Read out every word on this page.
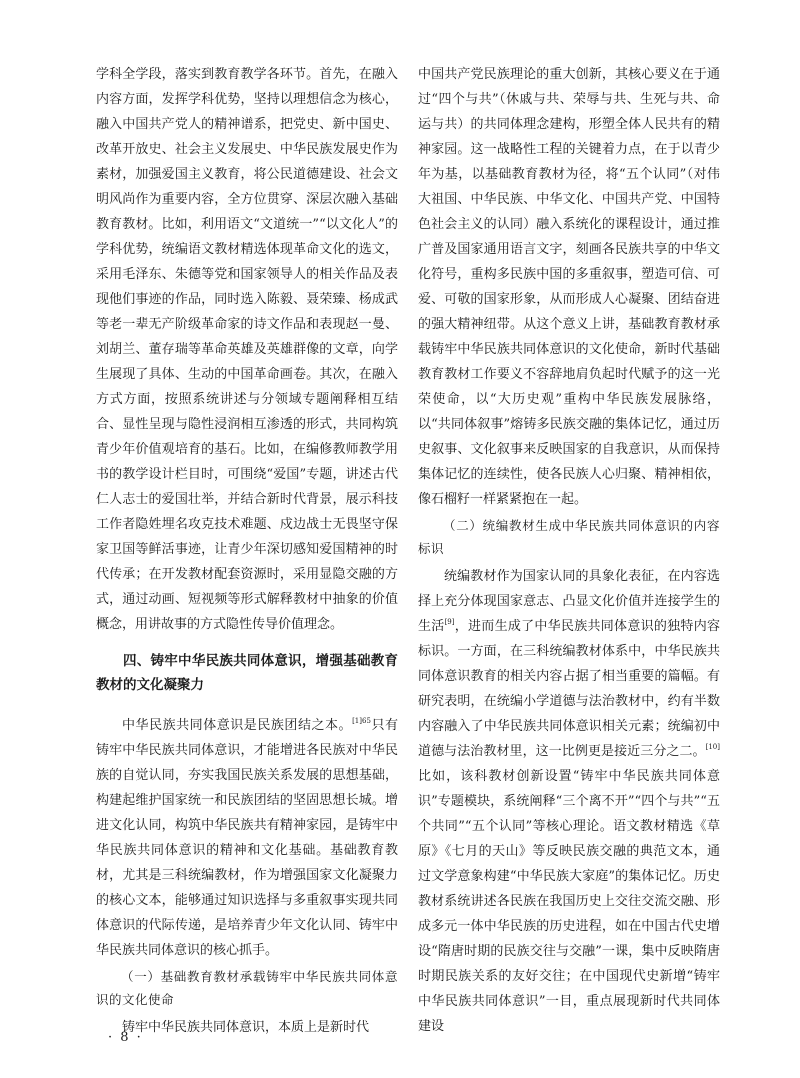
学科全学段，落实到教育教学各环节。首先，在融入内容方面，发挥学科优势，坚持以理想信念为核心，融入中国共产党人的精神谱系，把党史、新中国史、改革开放史、社会主义发展史、中华民族发展史作为素材，加强爱国主义教育，将公民道德建设、社会文明风尚作为重要内容，全方位贯穿、深层次融入基础教育教材。比如，利用语文“文道统一”“以文化人”的学科优势，统编语文教材精选体现革命文化的选文，采用毛泽东、朱德等党和国家领导人的相关作品及表现他们事迹的作品，同时选入陈毅、聂荣臻、杨成武等老一辈无产阶级革命家的诗文作品和表现赵一曼、刘胡兰、董存瑞等革命英雄及英雄群像的文章，向学生展现了具体、生动的中国革命画卷。其次，在融入方式方面，按照系统讲述与分领域专题阐释相互结合、显性呈现与隐性浸润相互渗透的形式，共同构筑青少年价值观培育的基石。比如，在编修教师教学用书的教学设计栏目时，可围绕“爱国”专题，讲述古代仁人志士的爱国壮举，并结合新时代背景，展示科技工作者隐姓埋名攻克技术难题、戍边战士无畏坚守保家卫国等鲜活事迹，让青少年深切感知爱国精神的时代传承；在开发教材配套资源时，采用显隐交融的方式，通过动画、短视频等形式解释教材中抽象的价值概念，用讲故事的方式隐性传导价值理念。

四、铸牢中华民族共同体意识，增强基础教育教材的文化凝聚力

中华民族共同体意识是民族团结之本。$^{[1]65}$只有铸牢中华民族共同体意识，才能增进各民族对中华民族的自觉认同，夯实我国民族关系发展的思想基础，构建起维护国家统一和民族团结的坚固思想长城。增进文化认同，构筑中华民族共有精神家园，是铸牢中华民族共同体意识的精神和文化基础。基础教育教材，尤其是三科统编教材，作为增强国家文化凝聚力的核心文本，能够通过知识选择与多重叙事实现共同体意识的代际传递，是培养青少年文化认同、铸牢中华民族共同体意识的核心抓手。

（一）基础教育教材承载铸牢中华民族共同体意识的文化使命

铸牢中华民族共同体意识，本质上是新时代

中国共产党民族理论的重大创新，其核心要义在于通过“四个与共”（休戚与共、荣辱与共、生死与共、命运与共）的共同体理念建构，形塑全体人民共有的精神家园。这一战略性工程的关键着力点，在于以青少年为基，以基础教育教材为径，将“五个认同”（对伟大祖国、中华民族、中华文化、中国共产党、中国特色社会主义的认同）融入系统化的课程设计，通过推广普及国家通用语言文字，刻画各民族共享的中华文化符号，重构多民族中国的多重叙事，塑造可信、可爱、可敬的国家形象，从而形成人心凝聚、团结奋进的强大精神纽带。从这个意义上讲，基础教育教材承载铸牢中华民族共同体意识的文化使命，新时代基础教育教材工作要义不容辞地肩负起时代赋予的这一光荣使命，以“大历史观”重构中华民族发展脉络，以“共同体叙事”熔铸多民族交融的集体记忆，通过历史叙事、文化叙事来反映国家的自我意识，从而保持集体记忆的连续性，使各民族人心归聚、精神相依，像石榴籽一样紧紧抱在一起。

（二）统编教材生成中华民族共同体意识的内容标识

统编教材作为国家认同的具象化表征，在内容选择上充分体现国家意志、凸显文化价值并连接学生的生活[9]，进而生成了中华民族共同体意识的独特内容标识。一方面，在三科统编教材体系中，中华民族共同体意识教育的相关内容占据了相当重要的篇幅。有研究表明，在统编小学道德与法治教材中，约有半数内容融入了中华民族共同体意识相关元素；统编初中道德与法治教材里，这一比例更是接近三分之二。[10]比如，该科教材创新设置“铸牢中华民族共同体意识”专题模块，系统阐释“三个离不开”“四个与共”“五个共同”“五个认同”等核心理论。语文教材精选《草原》《七月的天山》等反映民族交融的典范文本，通过文学意象构建“中华民族大家庭”的集体记忆。历史教材系统讲述各民族在我国历史上交往交流交融、形成多元一体中华民族的历史进程，如在中国古代史增设“隋唐时期的民族交往与交融”一课，集中反映隋唐时期民族关系的友好交往；在中国现代史新增“铸牢中华民族共同体意识”一目，重点展现新时代共同体建设

· 8 ·
